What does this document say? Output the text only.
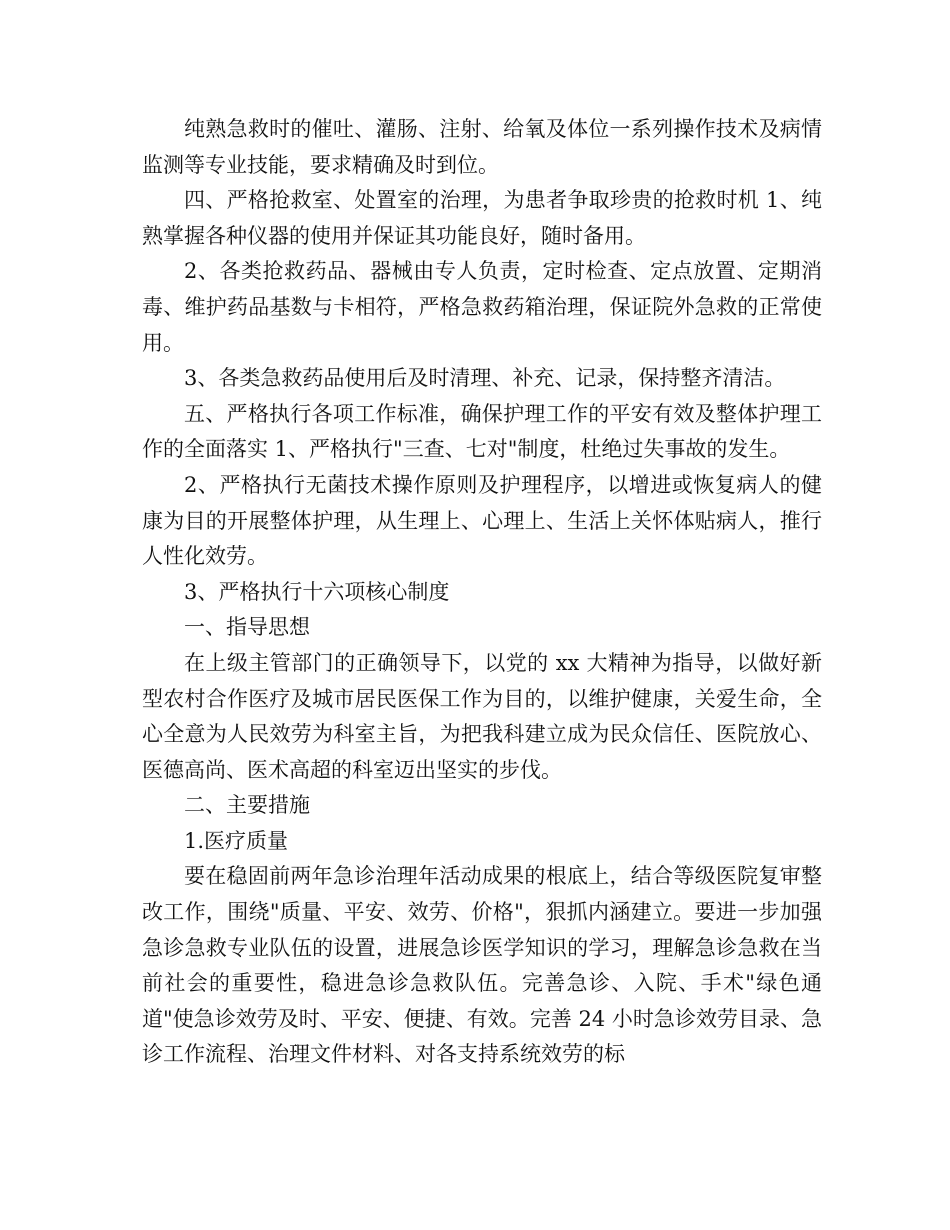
纯熟急救时的催吐、灌肠、注射、给氧及体位一系列操作技术及病情监测等专业技能，要求精确及时到位。

四、严格抢救室、处置室的治理，为患者争取珍贵的抢救时机 1、纯熟掌握各种仪器的使用并保证其功能良好，随时备用。

2、各类抢救药品、器械由专人负责，定时检查、定点放置、定期消毒、维护药品基数与卡相符，严格急救药箱治理，保证院外急救的正常使用。

3、各类急救药品使用后及时清理、补充、记录，保持整齐清洁。

五、严格执行各项工作标准，确保护理工作的平安有效及整体护理工作的全面落实 1、严格执行"三查、七对"制度，杜绝过失事故的发生。

2、严格执行无菌技术操作原则及护理程序，以增进或恢复病人的健康为目的开展整体护理，从生理上、心理上、生活上关怀体贴病人，推行人性化效劳。

3、严格执行十六项核心制度

一、指导思想

在上级主管部门的正确领导下，以党的 xx 大精神为指导，以做好新型农村合作医疗及城市居民医保工作为目的，以维护健康，关爱生命，全心全意为人民效劳为科室主旨，为把我科建立成为民众信任、医院放心、医德高尚、医术高超的科室迈出坚实的步伐。

二、主要措施

1.医疗质量

要在稳固前两年急诊治理年活动成果的根底上，结合等级医院复审整改工作，围绕"质量、平安、效劳、价格"，狠抓内涵建立。要进一步加强急诊急救专业队伍的设置，进展急诊医学知识的学习，理解急诊急救在当前社会的重要性，稳进急诊急救队伍。完善急诊、入院、手术"绿色通道"使急诊效劳及时、平安、便捷、有效。完善 24 小时急诊效劳目录、急诊工作流程、治理文件材料、对各支持系统效劳的标
